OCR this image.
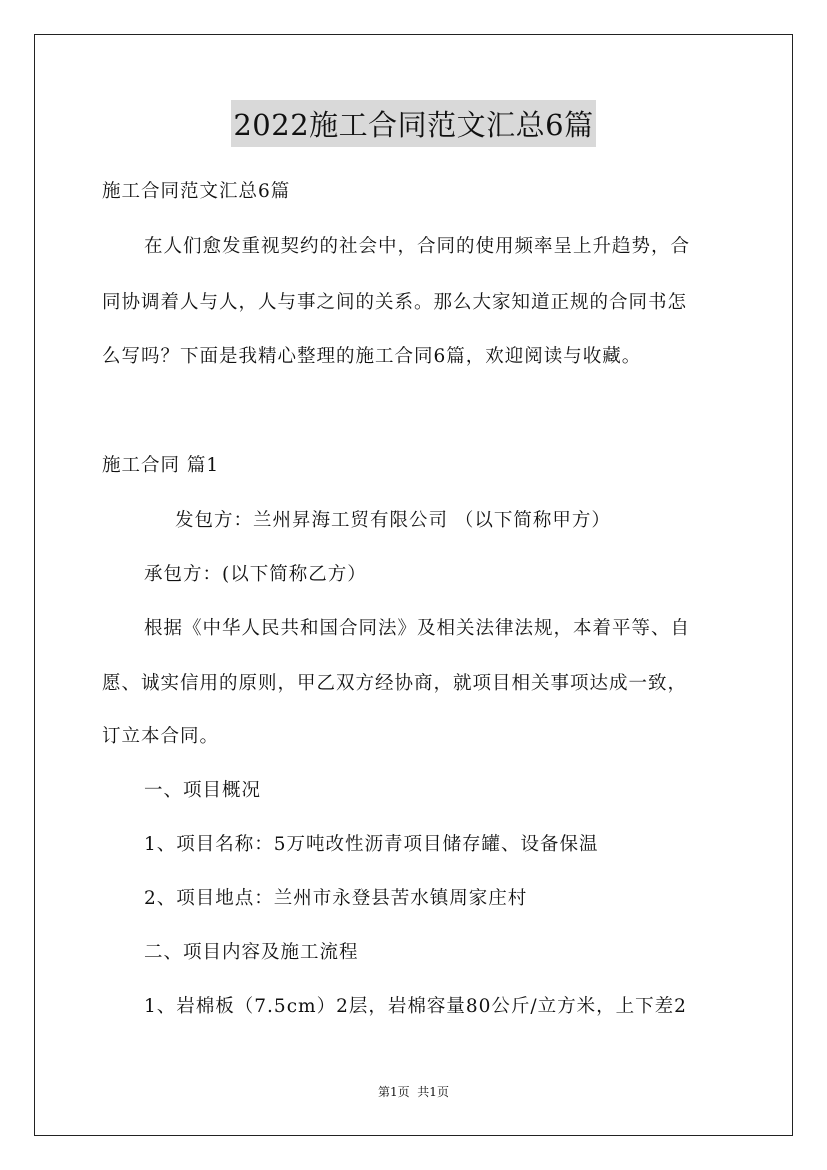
2022施工合同范文汇总6篇
施工合同范文汇总6篇
在人们愈发重视契约的社会中，合同的使用频率呈上升趋势，合
同协调着人与人，人与事之间的关系。那么大家知道正规的合同书怎
么写吗？下面是我精心整理的施工合同6篇，欢迎阅读与收藏。
施工合同 篇1
发包方：兰州昇海工贸有限公司 （以下简称甲方）
承包方：(以下简称乙方）
根据《中华人民共和国合同法》及相关法律法规，本着平等、自
愿、诚实信用的原则，甲乙双方经协商，就项目相关事项达成一致，
订立本合同。
一、项目概况
1、项目名称：5万吨改性沥青项目储存罐、设备保温
2、项目地点：兰州市永登县苦水镇周家庄村
二、项目内容及施工流程
1、岩棉板（7.5cm）2层，岩棉容量80公斤/立方米，上下差2
第1页  共1页
